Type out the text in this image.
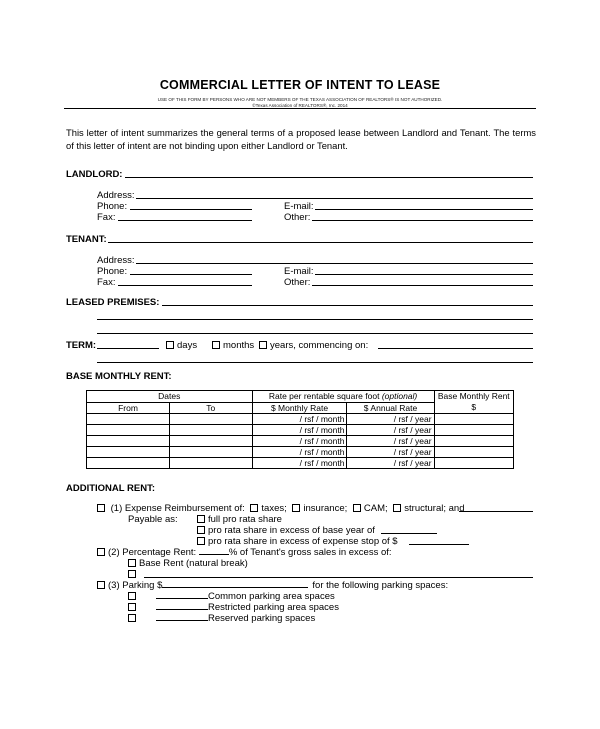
COMMERCIAL LETTER OF INTENT TO LEASE
USE OF THIS FORM BY PERSONS WHO ARE NOT MEMBERS OF THE TEXAS ASSOCIATION OF REALTORS® IS NOT AUTHORIZED.
©Texas Association of REALTORS®, Inc. 2014
This letter of intent summarizes the general terms of a proposed lease between Landlord and Tenant. The terms of this letter of intent are not binding upon either Landlord or Tenant.
LANDLORD:
Address:
Phone:	E-mail:
Fax:	Other:
TENANT:
Address:
Phone:	E-mail:
Fax:	Other:
LEASED PREMISES:
TERM:	days	months	years, commencing on:
BASE MONTHLY RENT:
Dates		Rate per rentable square foot (optional)		Base Monthly Rent $
From	To	$ Monthly Rate	$ Annual Rate	
		/ rsf / month	/ rsf / year	
		/ rsf / month	/ rsf / year	
		/ rsf / month	/ rsf / year	
		/ rsf / month	/ rsf / year	
		/ rsf / month	/ rsf / year	
ADDITIONAL RENT:
(1) Expense Reimbursement of: taxes; insurance; CAM; structural; and
Payable as:	full pro rata share
pro rata share in excess of base year of
pro rata share in excess of expense stop of $
(2) Percentage Rent:	% of Tenant's gross sales in excess of:
Base Rent (natural break)
(3) Parking $	for the following parking spaces:
Common parking area spaces
Restricted parking area spaces
Reserved parking spaces
